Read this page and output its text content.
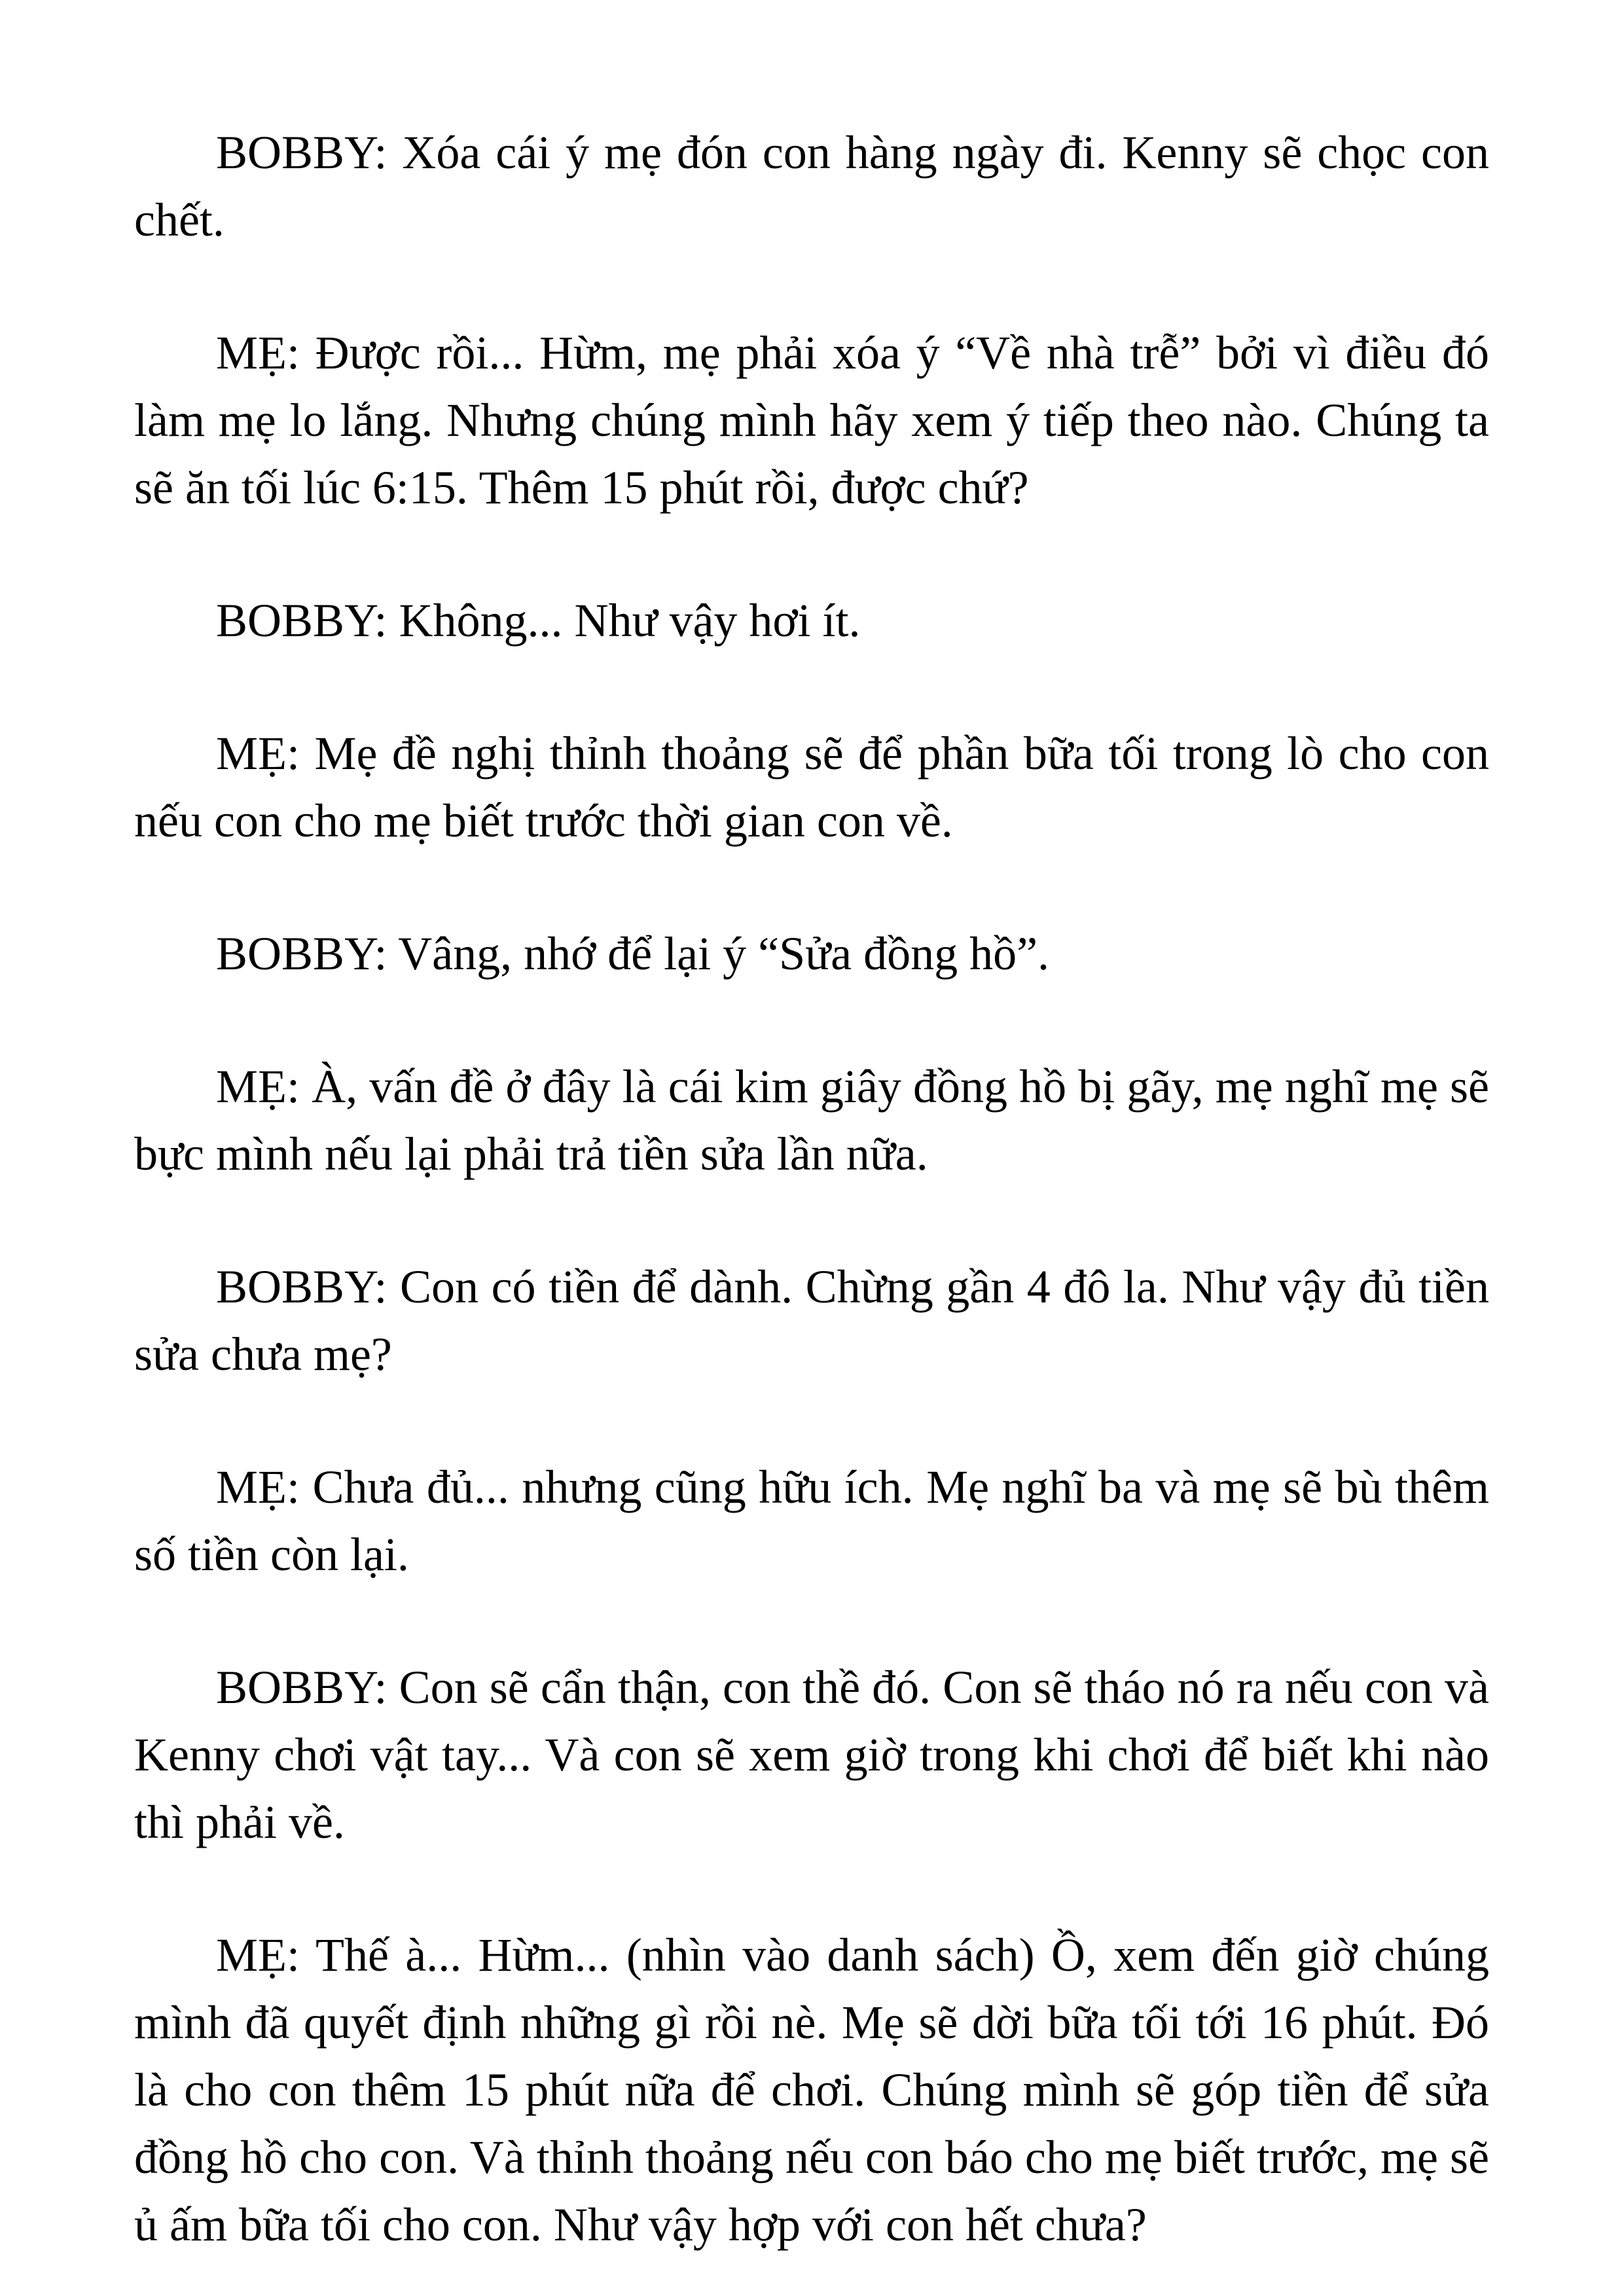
BOBBY: Xóa cái ý mẹ đón con hàng ngày đi. Kenny sẽ chọc con chết.

MẸ: Được rồi... Hừm, mẹ phải xóa ý “Về nhà trễ” bởi vì điều đó làm mẹ lo lắng. Nhưng chúng mình hãy xem ý tiếp theo nào. Chúng ta sẽ ăn tối lúc 6:15. Thêm 15 phút rồi, được chứ?

BOBBY: Không... Như vậy hơi ít.

MẸ: Mẹ đề nghị thỉnh thoảng sẽ để phần bữa tối trong lò cho con nếu con cho mẹ biết trước thời gian con về.

BOBBY: Vâng, nhớ để lại ý “Sửa đồng hồ”.

MẸ: À, vấn đề ở đây là cái kim giây đồng hồ bị gãy, mẹ nghĩ mẹ sẽ bực mình nếu lại phải trả tiền sửa lần nữa.

BOBBY: Con có tiền để dành. Chừng gần 4 đô la. Như vậy đủ tiền sửa chưa mẹ?

MẸ: Chưa đủ... nhưng cũng hữu ích. Mẹ nghĩ ba và mẹ sẽ bù thêm số tiền còn lại.

BOBBY: Con sẽ cẩn thận, con thề đó. Con sẽ tháo nó ra nếu con và Kenny chơi vật tay... Và con sẽ xem giờ trong khi chơi để biết khi nào thì phải về.

MẸ: Thế à... Hừm... (nhìn vào danh sách) Ồ, xem đến giờ chúng mình đã quyết định những gì rồi nè. Mẹ sẽ dời bữa tối tới 16 phút. Đó là cho con thêm 15 phút nữa để chơi. Chúng mình sẽ góp tiền để sửa đồng hồ cho con. Và thỉnh thoảng nếu con báo cho mẹ biết trước, mẹ sẽ ủ ấm bữa tối cho con. Như vậy hợp với con hết chưa?
